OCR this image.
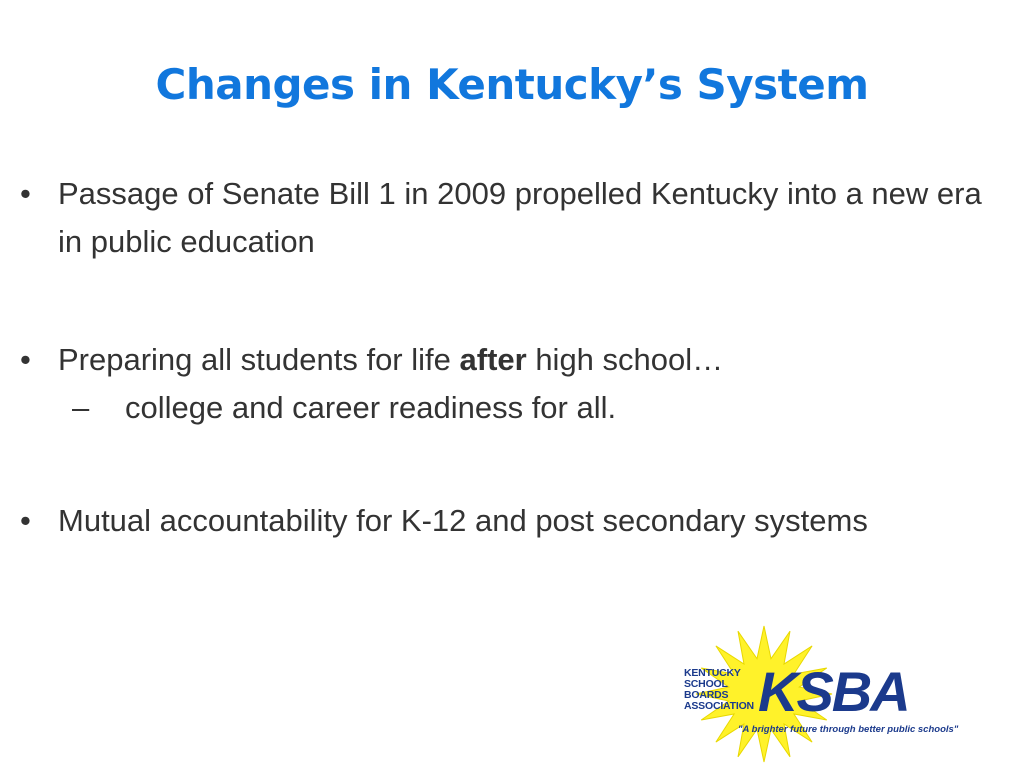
Changes in Kentucky’s System
• Passage of Senate Bill 1 in 2009 propelled Kentucky into a new era in public education
• Preparing all students for life after high school…
– college and career readiness for all.
• Mutual accountability for K-12 and post secondary systems
KENTUCKY
SCHOOL
BOARDS
ASSOCIATION KSBA
"A brighter future through better public schools"
